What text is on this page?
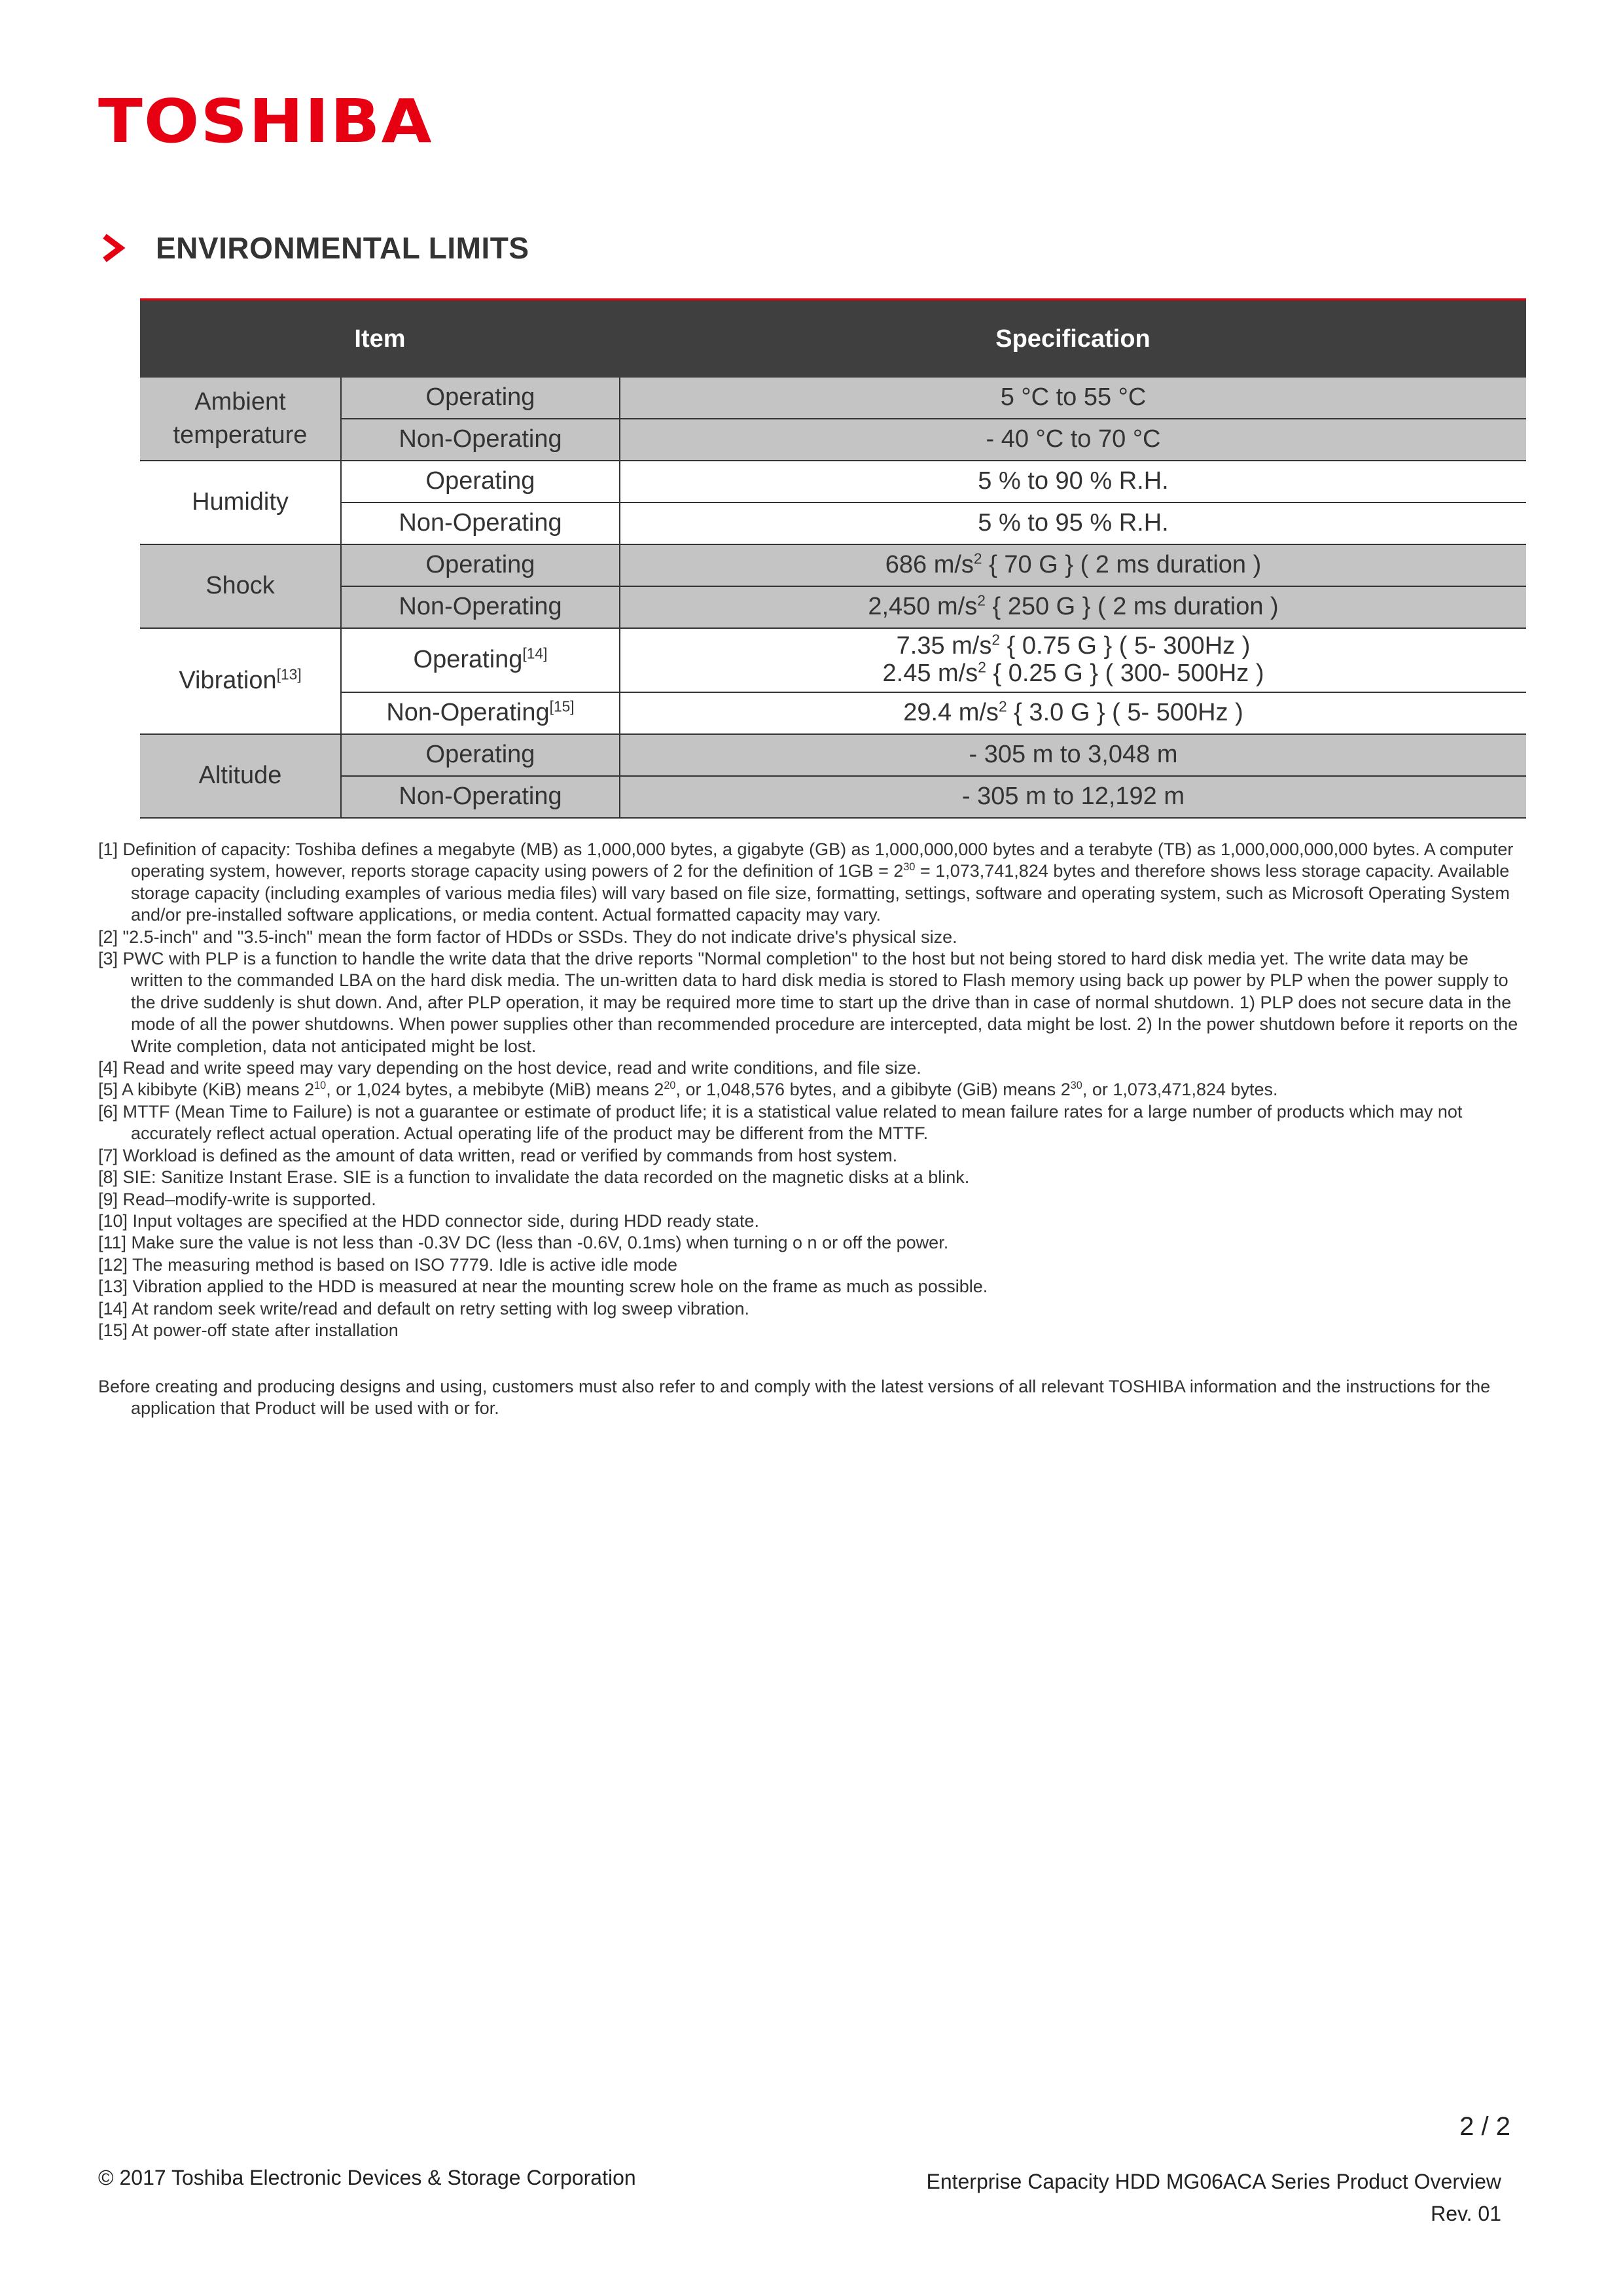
TOSHIBA
ENVIRONMENTAL LIMITS
Item		Specification
Ambient temperature	Operating	5 °C to 55 °C
	Non-Operating	- 40 °C to 70 °C
Humidity	Operating	5 % to 90 % R.H.
	Non-Operating	5 % to 95 % R.H.
Shock	Operating	686 $m/s^2$ { 70 G } ( 2 ms duration )
	Non-Operating	2,450 $m/s^2$ { 250 G } ( 2 ms duration )
Vibration[13]	Operating[14]	7.35 $m/s^2$ { 0.75 G } ( 5- 300Hz )
2.45 $m/s^2$ { 0.25 G } ( 300- 500Hz )

	Non-Operating[15]	29.4 $m/s^2$ { 3.0 G } ( 5- 500Hz )
Altitude	Operating	- 305 m to 3,048 m
	Non-Operating	- 305 m to 12,192 m

[1] Definition of capacity: Toshiba defines a megabyte (MB) as 1,000,000 bytes, a gigabyte (GB) as 1,000,000,000 bytes and a terabyte (TB) as 1,000,000,000,000 bytes. A computer operating system, however, reports storage capacity using powers of 2 for the definition of $1GB = 2^{30} = 1,073,741,824$ bytes and therefore shows less storage capacity. Available storage capacity (including examples of various media files) will vary based on file size, formatting, settings, software and operating system, such as Microsoft Operating System and/or pre-installed software applications, or media content. Actual formatted capacity may vary.

[2] "2.5-inch" and "3.5-inch" mean the form factor of HDDs or SSDs. They do not indicate drive's physical size.

[3] PWC with PLP is a function to handle the write data that the drive reports "Normal completion" to the host but not being stored to hard disk media yet. The write data may be written to the commanded LBA on the hard disk media. The un-written data to hard disk media is stored to Flash memory using back up power by PLP when the power supply to the drive suddenly is shut down. And, after PLP operation, it may be required more time to start up the drive than in case of normal shutdown. 1) PLP does not secure data in the mode of all the power shutdowns. When power supplies other than recommended procedure are intercepted, data might be lost. 2) In the power shutdown before it reports on the Write completion, data not anticipated might be lost.

[4] Read and write speed may vary depending on the host device, read and write conditions, and file size.

[5] A kibibyte (KiB) means $2^{10}$, or 1,024 bytes, a mebibyte (MiB) means $2^{20}$, or 1,048,576 bytes, and a gibibyte (GiB) means $2^{30}$, or 1,073,471,824 bytes.

[6] MTTF (Mean Time to Failure) is not a guarantee or estimate of product life; it is a statistical value related to mean failure rates for a large number of products which may not accurately reflect actual operation. Actual operating life of the product may be different from the MTTF.

[7] Workload is defined as the amount of data written, read or verified by commands from host system.

[8] SIE: Sanitize Instant Erase. SIE is a function to invalidate the data recorded on the magnetic disks at a blink.

[9] Read–modify-write is supported.

[10] Input voltages are specified at the HDD connector side, during HDD ready state.

[11] Make sure the value is not less than -0.3V DC (less than -0.6V, 0.1ms) when turning o n or off the power.

[12] The measuring method is based on ISO 7779. Idle is active idle mode

[13] Vibration applied to the HDD is measured at near the mounting screw hole on the frame as much as possible.

[14] At random seek write/read and default on retry setting with log sweep vibration.

[15] At power-off state after installation

Before creating and producing designs and using, customers must also refer to and comply with the latest versions of all relevant TOSHIBA information and the instructions for the application that Product will be used with or for.

2 / 2
© 2017 Toshiba Electronic Devices & Storage Corporation	Enterprise Capacity HDD MG06ACA Series Product Overview
Rev. 01
